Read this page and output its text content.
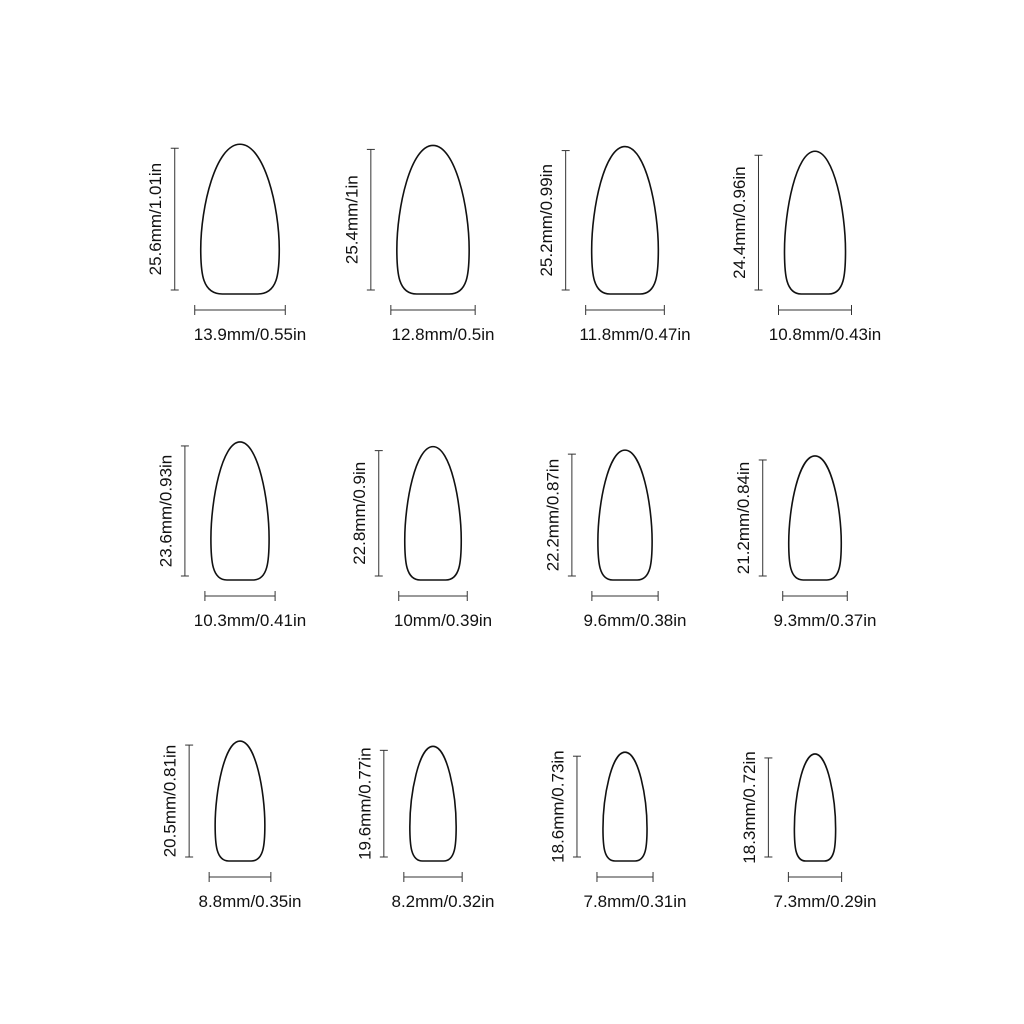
25.6mm/1.01in
13.9mm/0.55in
25.4mm/1in
12.8mm/0.5in
25.2mm/0.99in
11.8mm/0.47in
24.4mm/0.96in
10.8mm/0.43in
23.6mm/0.93in
10.3mm/0.41in
22.8mm/0.9in
10mm/0.39in
22.2mm/0.87in
9.6mm/0.38in
21.2mm/0.84in
9.3mm/0.37in
20.5mm/0.81in
8.8mm/0.35in
19.6mm/0.77in
8.2mm/0.32in
18.6mm/0.73in
7.8mm/0.31in
18.3mm/0.72in
7.3mm/0.29in
